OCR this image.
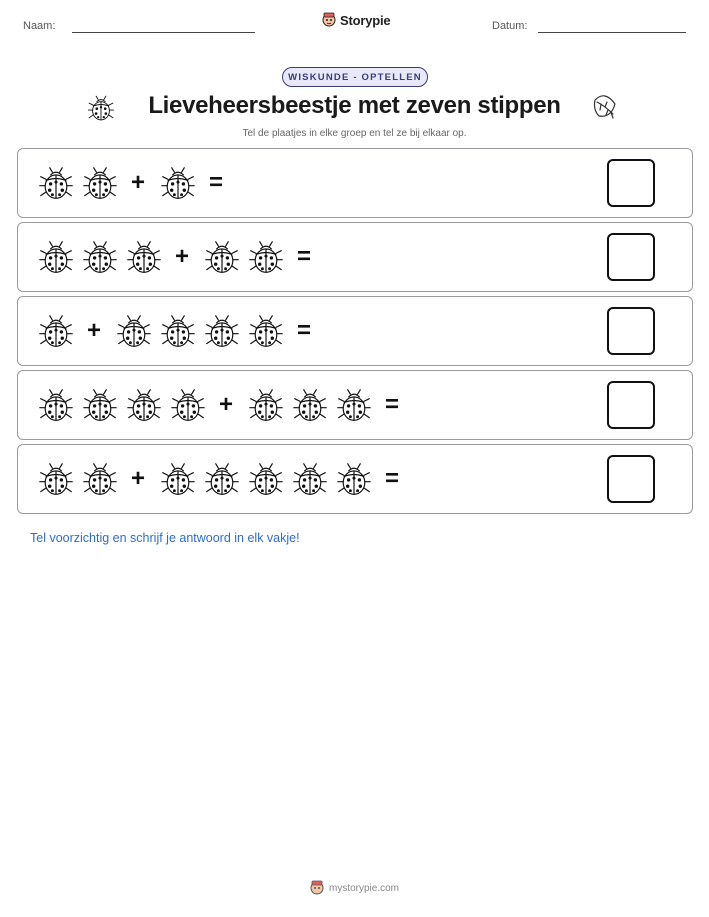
Naam:	Storypie	Datum:
WISKUNDE - OPTELLEN
Lieveheersbeestje met zeven stippen
Tel de plaatjes in elke groep en tel ze bij elkaar op.
+	=
+	=
+	=
+	=
+	=
Tel voorzichtig en schrijf je antwoord in elk vakje!
mystorypie.com
